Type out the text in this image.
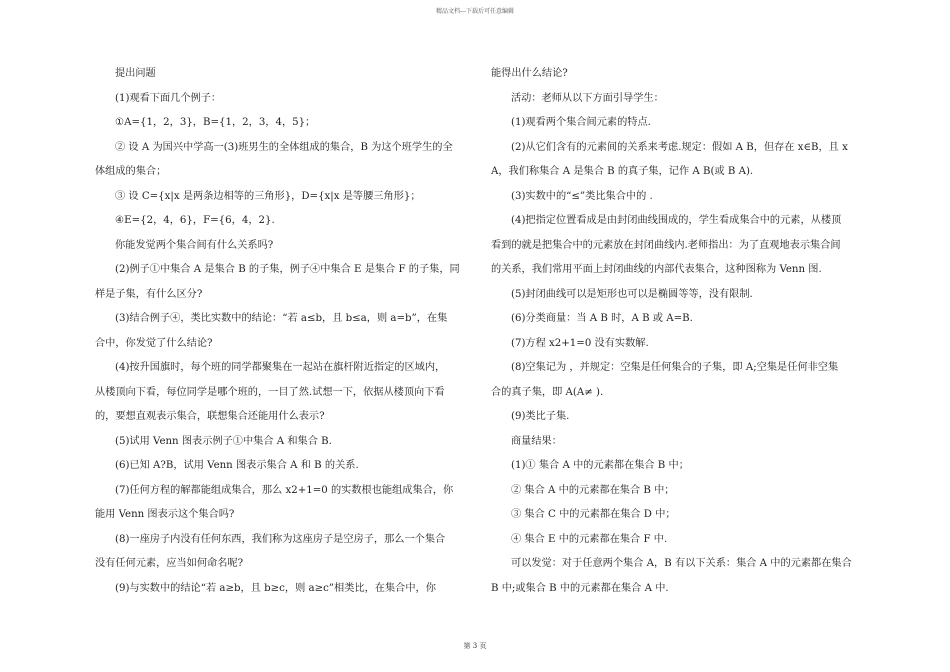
精品文档---下载后可任意编辑
提出问题
(1)观看下面几个例子：
①A={1，2，3}，B={1，2，3，4，5}；
② 设 A 为国兴中学高一(3)班男生的全体组成的集合，B 为这个班学生的全
体组成的集合；
③ 设 C={x|x 是两条边相等的三角形}，D={x|x 是等腰三角形}；
④E={2，4，6}，F={6，4，2}.
你能发觉两个集合间有什么关系吗?
(2)例子①中集合 A 是集合 B 的子集，例子④中集合 E 是集合 F 的子集，同
样是子集，有什么区分?
(3)结合例子④，类比实数中的结论：“若 a≤b，且 b≤a，则 a=b”，在集
合中，你发觉了什么结论?
(4)按升国旗时，每个班的同学都聚集在一起站在旗杆附近指定的区域内，
从楼顶向下看，每位同学是哪个班的，一目了然.试想一下，依据从楼顶向下看
的，要想直观表示集合，联想集合还能用什么表示?
(5)试用 Venn 图表示例子①中集合 A 和集合 B.
(6)已知 A?B，试用 Venn 图表示集合 A 和 B 的关系.
(7)任何方程的解都能组成集合，那么 x2+1=0 的实数根也能组成集合，你
能用 Venn 图表示这个集合吗?
(8)一座房子内没有任何东西，我们称为这座房子是空房子，那么一个集合
没有任何元素，应当如何命名呢?
(9)与实数中的结论“若 a≥b，且 b≥c，则 a≥c”相类比，在集合中，你
能得出什么结论?
活动：老师从以下方面引导学生：
(1)观看两个集合间元素的特点.
(2)从它们含有的元素间的关系来考虑.规定：假如 A B，但存在 x∈B，且 x
A，我们称集合 A 是集合 B 的真子集，记作 A B(或 B A).
(3)实数中的“≤”类比集合中的 .
(4)把指定位置看成是由封闭曲线围成的，学生看成集合中的元素，从楼顶
看到的就是把集合中的元素放在封闭曲线内.老师指出：为了直观地表示集合间
的关系，我们常用平面上封闭曲线的内部代表集合，这种图称为 Venn 图.
(5)封闭曲线可以是矩形也可以是椭圆等等，没有限制.
(6)分类商量：当 A B 时，A B 或 A=B.
(7)方程 x2+1=0 没有实数解.
(8)空集记为 ，并规定：空集是任何集合的子集，即 A;空集是任何非空集
合的真子集，即 A(A≠ ).
(9)类比子集.
商量结果：
(1)① 集合 A 中的元素都在集合 B 中；
② 集合 A 中的元素都在集合 B 中；
③ 集合 C 中的元素都在集合 D 中；
④ 集合 E 中的元素都在集合 F 中.
可以发觉：对于任意两个集合 A，B 有以下关系：集合 A 中的元素都在集合
B 中;或集合 B 中的元素都在集合 A 中.
第 3 页
